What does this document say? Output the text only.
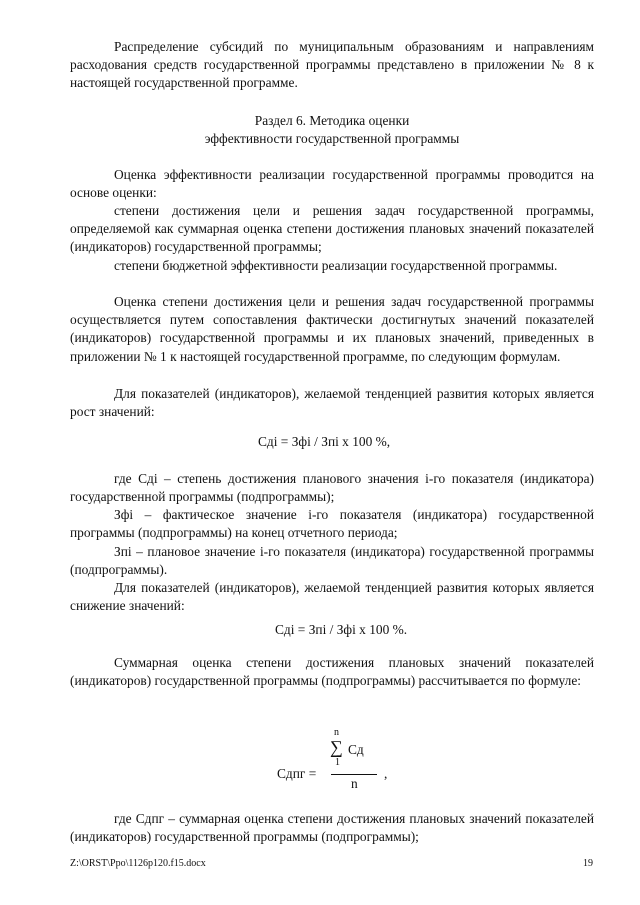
Распределение субсидий по муниципальным образованиям и направлениям расходования средств государственной программы представлено в приложении № 8 к настоящей государственной программе.

Раздел 6. Методика оценки

эффективности государственной программы

Оценка эффективности реализации государственной программы проводится на основе оценки:

степени достижения цели и решения задач государственной программы, определяемой как суммарная оценка степени достижения плановых значений показателей (индикаторов) государственной программы;

степени бюджетной эффективности реализации государственной программы.

Оценка степени достижения цели и решения задач государственной программы осуществляется путем сопоставления фактически достигнутых значений показателей (индикаторов) государственной программы и их плановых значений, приведенных в приложении № 1 к настоящей государственной программе, по следующим формулам.

Для показателей (индикаторов), желаемой тенденцией развития которых является рост значений:

Сдi = Зфi / Зпi x 100 %,

где Сдi – степень достижения планового значения i-го показателя (индикатора) государственной программы (подпрограммы);

Зфi – фактическое значение i-го показателя (индикатора) государственной программы (подпрограммы) на конец отчетного периода;

Зпi – плановое значение i-го показателя (индикатора) государственной программы (подпрограммы).

Для показателей (индикаторов), желаемой тенденцией развития которых является снижение значений:

Сдi = Зпi / Зфi x 100 %.

Суммарная оценка степени достижения плановых значений показателей (индикаторов) государственной программы (подпрограммы) рассчитывается по формуле:

n
∑ Сд
1
Сдпг =
n
,

где Сдпг – суммарная оценка степени достижения плановых значений показателей (индикаторов) государственной программы (подпрограммы);

Z:\ORST\Ppo\1126p120.f15.docx	19
